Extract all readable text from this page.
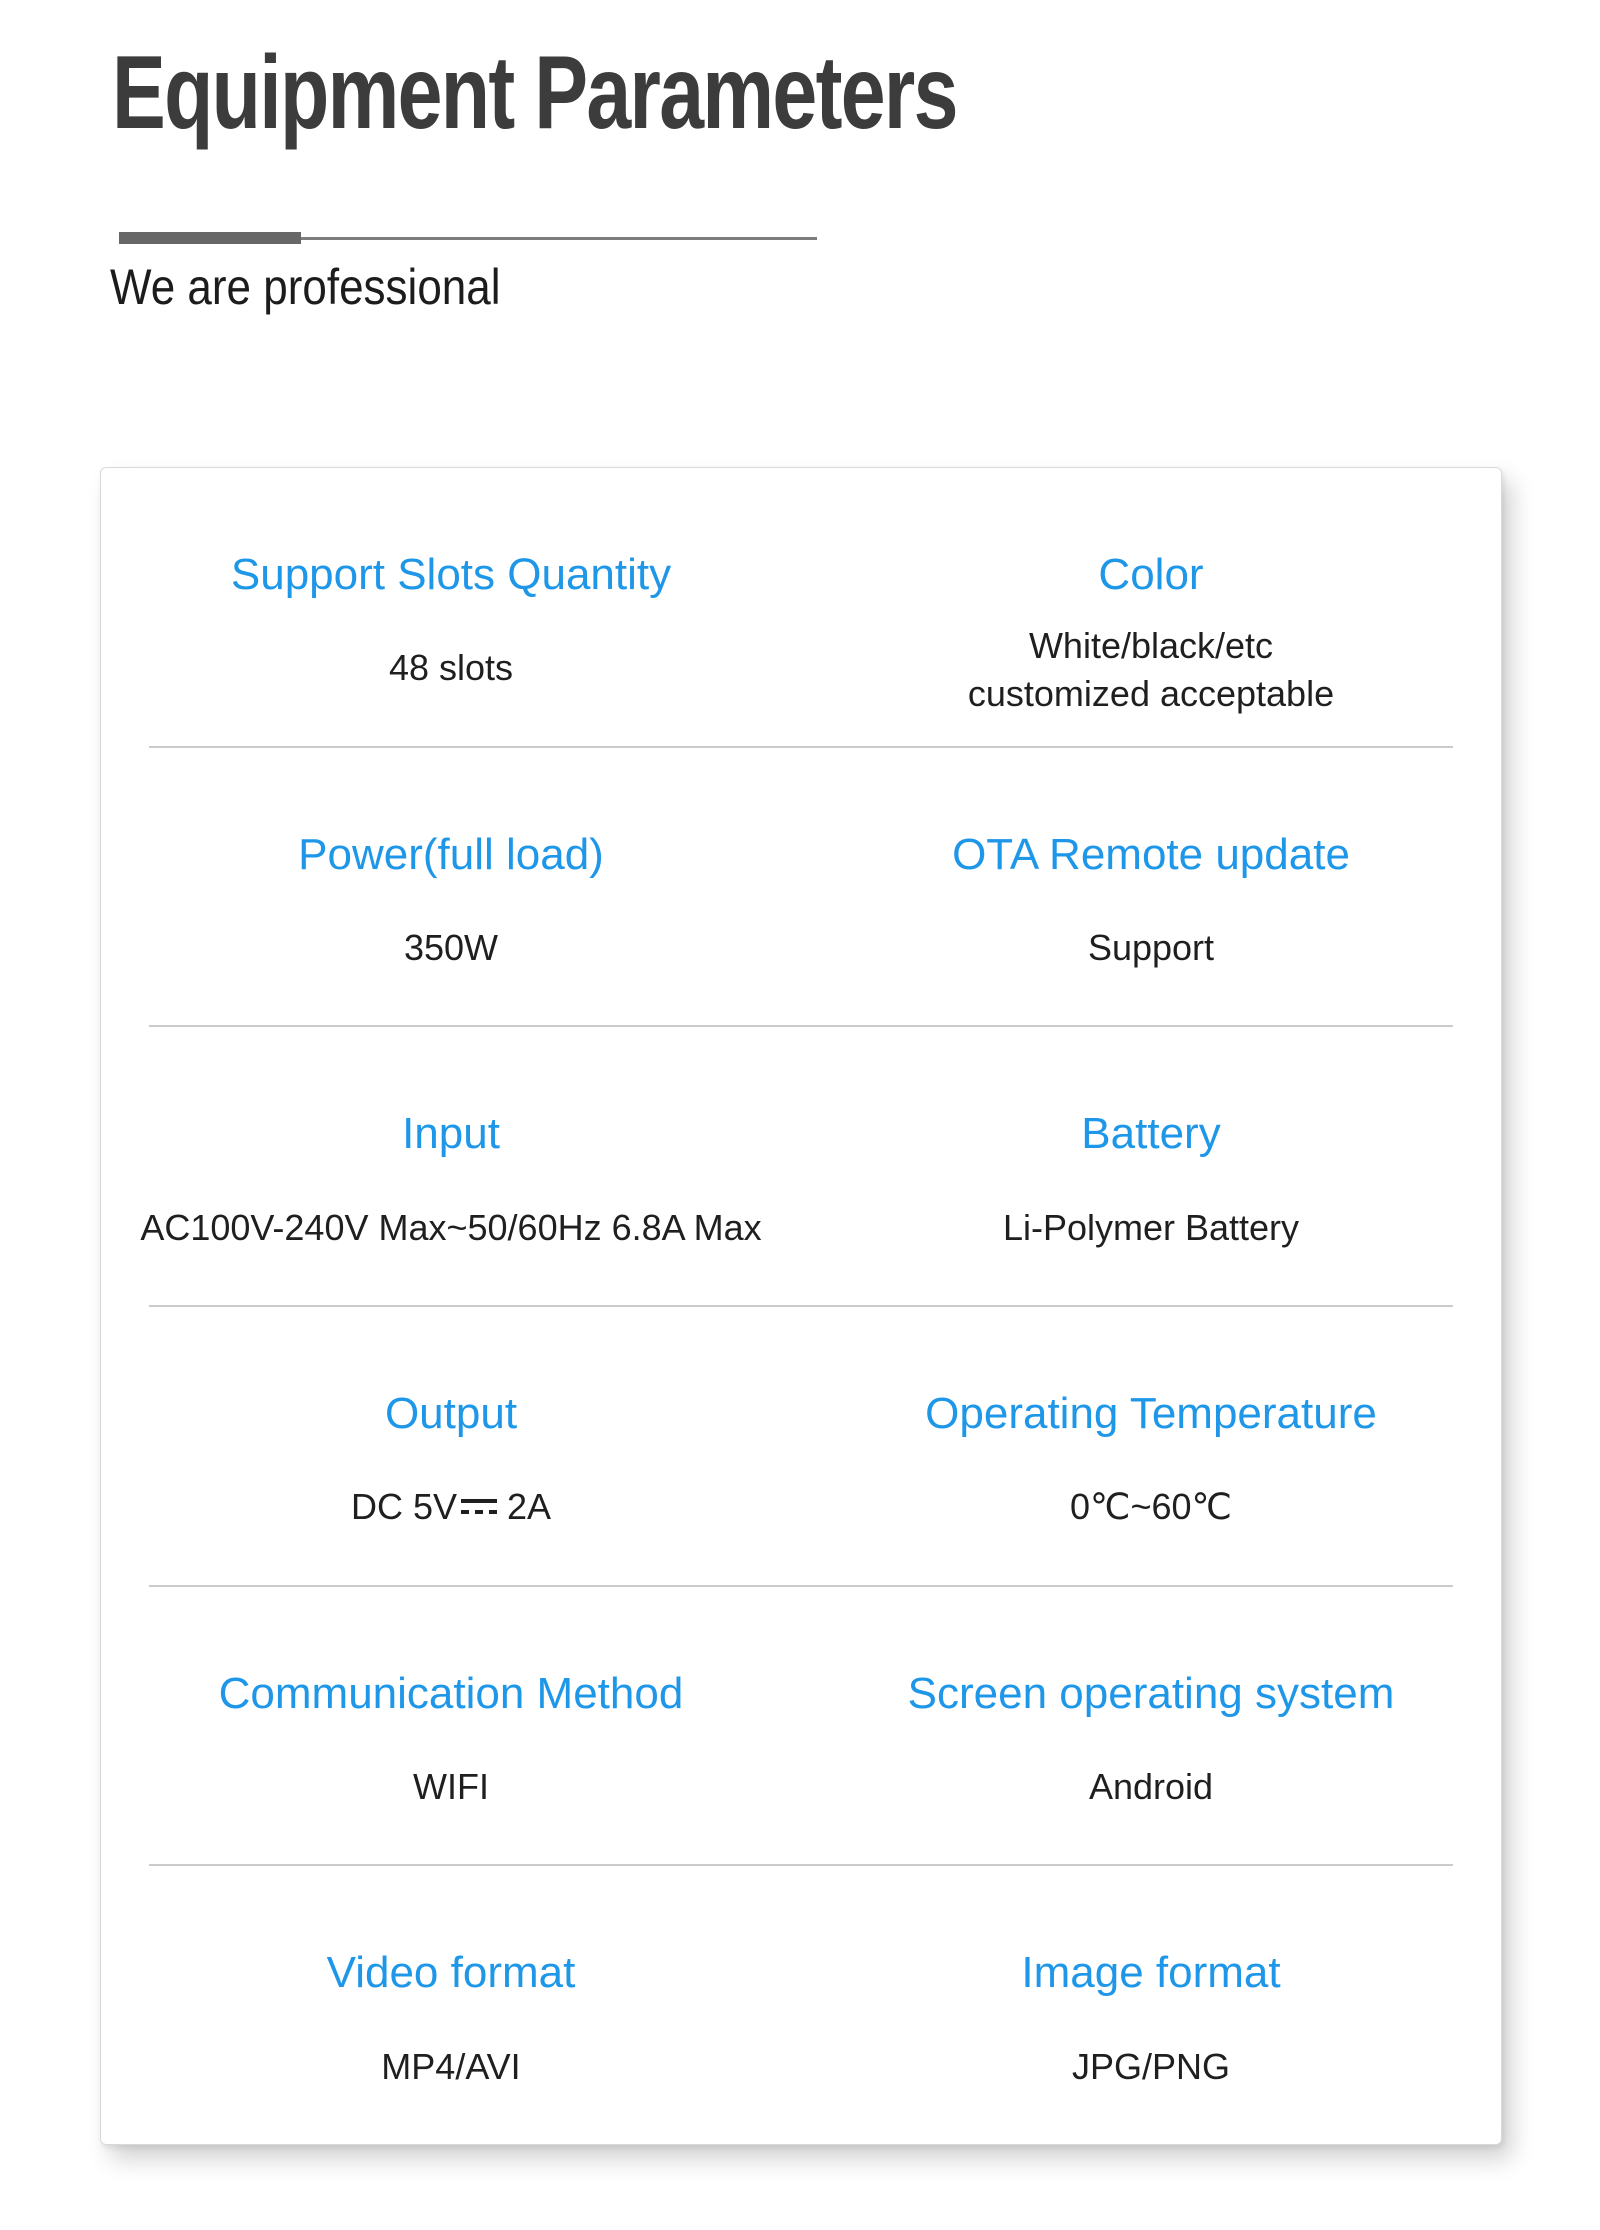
Equipment Parameters
We are professional
Support Slots Quantity
48 slots
Color
White/black/etc
customized acceptable
Power(full load)
350W
OTA Remote update
Support
Input
AC100V-240V Max~50/60Hz 6.8A Max
Battery
Li-Polymer Battery
Output
DC 5V 2A
Operating Temperature
0℃~60℃
Communication Method
WIFI
Screen operating system
Android
Video format
MP4/AVI
Image format
JPG/PNG
